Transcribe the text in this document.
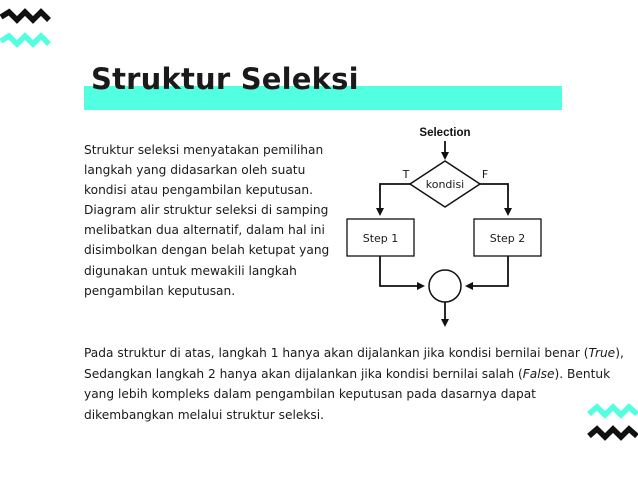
Struktur Seleksi

Struktur seleksi menyatakan pemilihan
langkah yang didasarkan oleh suatu
kondisi atau pengambilan keputusan.
Diagram alir struktur seleksi di samping
melibatkan dua alternatif, dalam hal ini
disimbolkan dengan belah ketupat yang
digunakan untuk mewakili langkah
pengambilan keputusan.

Selection
kondisi
T	F
Step 1	Step 2

Pada struktur di atas, langkah 1 hanya akan dijalankan jika kondisi bernilai benar (True),
Sedangkan langkah 2 hanya akan dijalankan jika kondisi bernilai salah (False). Bentuk
yang lebih kompleks dalam pengambilan keputusan pada dasarnya dapat
dikembangkan melalui struktur seleksi.
